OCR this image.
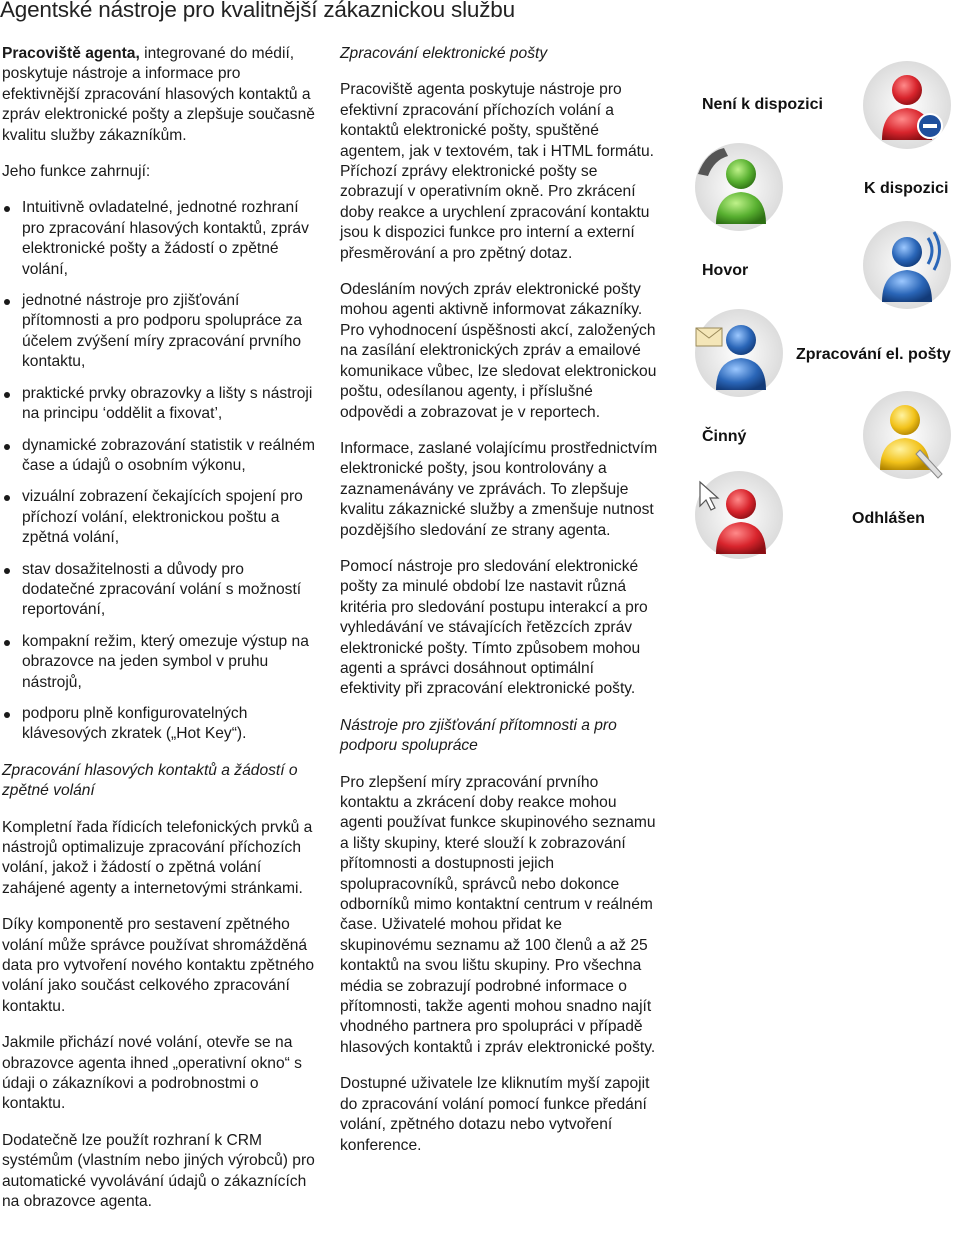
Agentské nástroje pro kvalitnější zákaznickou službu

Pracoviště agenta, integrované do médií, poskytuje nástroje a informace pro efektivnější zpracování hlasových kontaktů a zpráv elektronické pošty a zlepšuje současně kvalitu služby zákazníkům.

Jeho funkce zahrnují:

Intuitivně ovladatelné, jednotné rozhraní pro zpracování hlasových kontaktů, zpráv elektronické pošty a žádostí o zpětné volání,
jednotné nástroje pro zjišťování přítomnosti a pro podporu spolupráce za účelem zvýšení míry zpracování prvního kontaktu,
praktické prvky obrazovky a lišty s nástroji na principu ‘oddělit a fixovat’,
dynamické zobrazování statistik v reálném čase a údajů o osobním výkonu,
vizuální zobrazení čekajících spojení pro příchozí volání, elektronickou poštu a zpětná volání,
stav dosažitelnosti a důvody pro dodatečné zpracování volání s možností reportování,
kompakní režim, který omezuje výstup na obrazovce na jeden symbol v pruhu nástrojů,
podporu plně konfigurovatelných klávesových zkratek („Hot Key“).

Zpracování hlasových kontaktů a žádostí o zpětné volání

Kompletní řada řídicích telefonických prvků a nástrojů optimalizuje zpracování příchozích volání, jakož i žádostí o zpětná volání zahájené agenty a internetovými stránkami.

Díky komponentě pro sestavení zpětného volání může správce používat shromážděná data pro vytvoření nového kontaktu zpětného volání jako součást celkového zpracování kontaktu.

Jakmile přichází nové volání, otevře se na obrazovce agenta ihned „operativní okno“ s údaji o zákazníkovi a podrobnostmi o kontaktu.

Dodatečně lze použít rozhraní k CRM systémům (vlastním nebo jiných výrobců) pro automatické vyvolávání údajů o zákaznících na obrazovce agenta.

Zpracování elektronické pošty

Pracoviště agenta poskytuje nástroje pro efektivní zpracování příchozích volání a kontaktů elektronické pošty, spuštěné agentem, jak v textovém, tak i HTML formátu. Příchozí zprávy elektronické pošty se zobrazují v operativním okně. Pro zkrácení doby reakce a urychlení zpracování kontaktu jsou k dispozici funkce pro interní a externí přesměrování a pro zpětný dotaz.

Odesláním nových zpráv elektronické pošty mohou agenti aktivně informovat zákazníky. Pro vyhodnocení úspěšnosti akcí, založených na zasílání elektronických zpráv a emailové komunikace vůbec, lze sledovat elektronickou poštu, odesílanou agenty, i příslušné odpovědi a zobrazovat je v reportech.

Informace, zaslané volajícímu prostřednictvím elektronické pošty, jsou kontrolovány a zaznamenávány ve zprávách. To zlepšuje kvalitu zákaznické služby a zmenšuje nutnost pozdějšího sledování ze strany agenta.

Pomocí nástroje pro sledování elektronické pošty za minulé období lze nastavit různá kritéria pro sledování postupu interakcí a pro vyhledávání ve stávajících řetězcích zpráv elektronické pošty. Tímto způsobem mohou agenti a správci dosáhnout optimální efektivity při zpracování elektronické pošty.

Nástroje pro zjišťování přítomnosti a pro podporu spolupráce

Pro zlepšení míry zpracování prvního kontaktu a zkrácení doby reakce mohou agenti používat funkce skupinového seznamu a lišty skupiny, které slouží k zobrazování přítomnosti a dostupnosti jejich spolupracovníků, správců nebo dokonce odborníků mimo kontaktní centrum v reálném čase. Uživatelé mohou přidat ke skupinovému seznamu až 100 členů a až 25 kontaktů na svou lištu skupiny. Pro všechna média se zobrazují podrobné informace o přítomnosti, takže agenti mohou snadno najít vhodného partnera pro spolupráci v případě hlasových kontaktů i zpráv elektronické pošty.

Dostupné uživatele lze kliknutím myší zapojit do zpracování volání pomocí funkce předání volání, zpětného dotazu nebo vytvoření konference.

Není k dispozici
K dispozici
Hovor
Zpracování el. pošty
Činný
Odhlášen
